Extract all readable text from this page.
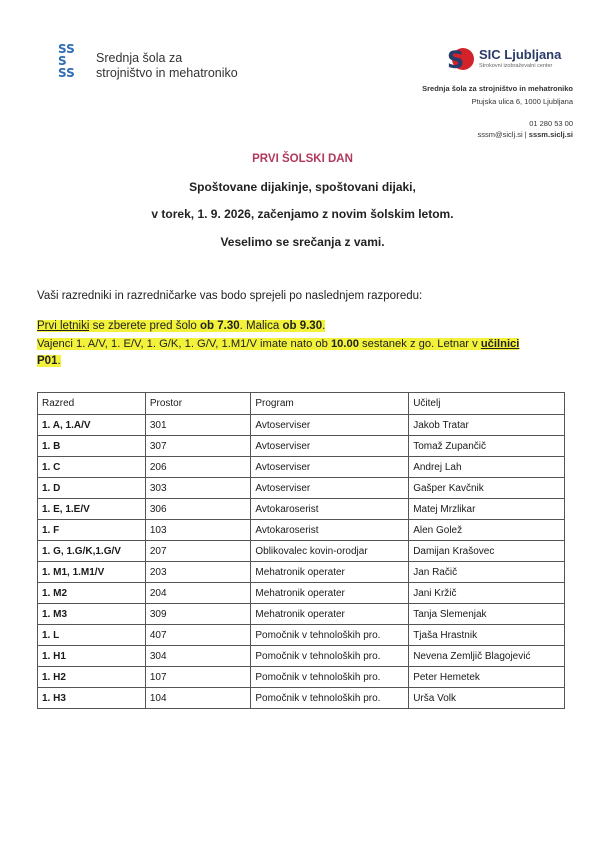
SS
S
SS
Srednja šola za
strojništvo in mehatroniko	S SIC Ljubljana
Strokovni izobraževalni center
Srednja šola za strojništvo in mehatroniko
Ptujska ulica 6, 1000 Ljubljana
01 280 53 00
sssm@siclj.si | sssm.siclj.si
PRVI ŠOLSKI DAN
Spoštovane dijakinje, spoštovani dijaki,
v torek, 1. 9. 2026, začenjamo z novim šolskim letom.
Veselimo se srečanja z vami.
Vaši razredniki in razredničarke vas bodo sprejeli po naslednjem razporedu:
Prvi letniki se zberete pred šolo ob 7.30. Malica ob 9.30.
Vajenci 1. A/V, 1. E/V, 1. G/K, 1. G/V, 1.M1/V imate nato ob 10.00 sestanek z go. Letnar v učilnici
P01.
Razred	Prostor	Program	Učitelj
1. A, 1.A/V	301	Avtoserviser	Jakob Tratar
1. B	307	Avtoserviser	Tomaž Zupančič
1. C	206	Avtoserviser	Andrej Lah
1. D	303	Avtoserviser	Gašper Kavčnik
1. E, 1.E/V	306	Avtokaroserist	Matej Mrzlikar
1. F	103	Avtokaroserist	Alen Golež
1. G, 1.G/K,1.G/V	207	Oblikovalec kovin-orodjar	Damijan Krašovec
1. M1, 1.M1/V	203	Mehatronik operater	Jan Račič
1. M2	204	Mehatronik operater	Jani Kržič
1. M3	309	Mehatronik operater	Tanja Slemenjak
1. L	407	Pomočnik v tehnoloških pro.	Tjaša Hrastnik
1. H1	304	Pomočnik v tehnoloških pro.	Nevena Zemljič Blagojević
1. H2	107	Pomočnik v tehnoloških pro.	Peter Hemetek
1. H3	104	Pomočnik v tehnoloških pro.	Urša Volk
